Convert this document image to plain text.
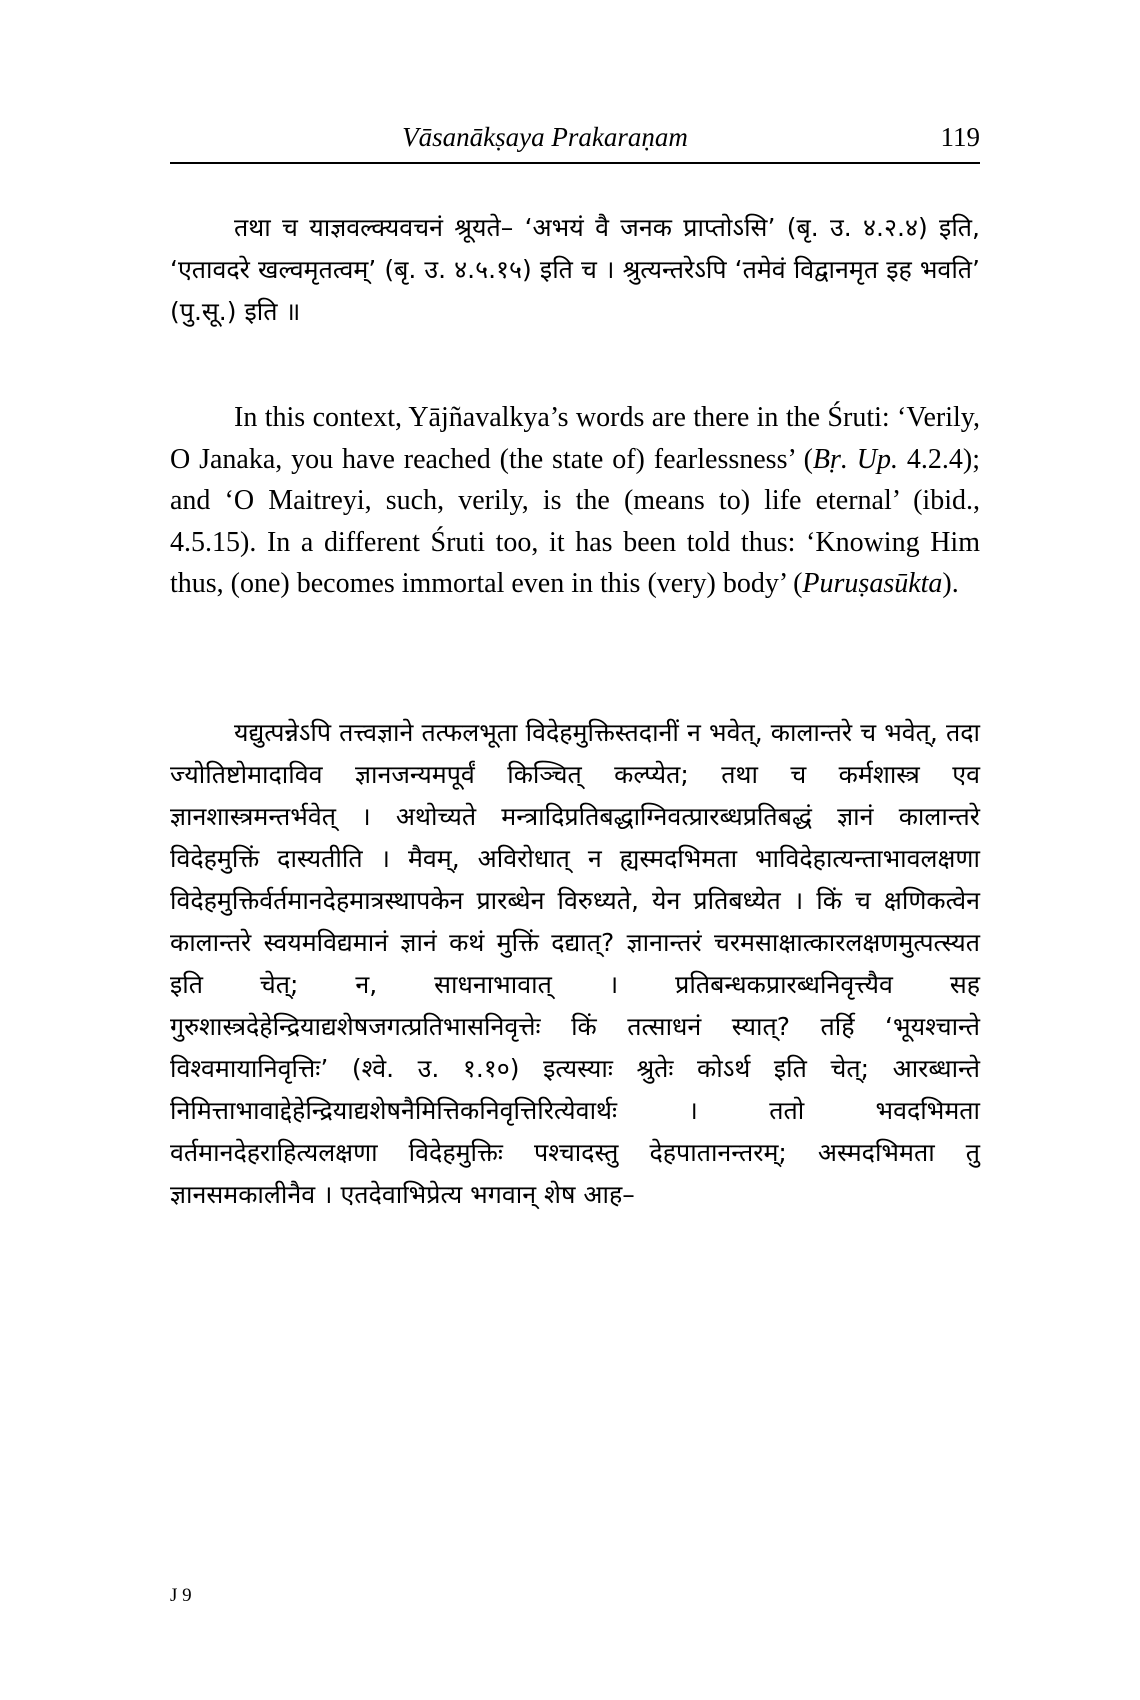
Vāsanākṣaya Prakaraṇam	119

तथा च याज्ञवल्क्यवचनं श्रूयते– ‘अभयं वै जनक प्राप्तोऽसि’ (बृ. उ. ४.२.४) इति, ‘एतावदरे खल्वमृतत्वम्’ (बृ. उ. ४.५.१५) इति च । श्रुत्यन्तरेऽपि ‘तमेवं विद्वानमृत इह भवति’ (पु.सू.) इति ॥

In this context, Yājñavalkya’s words are there in the Śruti: ‘Verily, O Janaka, you have reached (the state of) fearlessness’ (Bṛ. Up. 4.2.4); and ‘O Maitreyi, such, verily, is the (means to) life eternal’ (ibid., 4.5.15). In a different Śruti too, it has been told thus: ‘Knowing Him thus, (one) becomes immortal even in this (very) body’ (Puruṣasūkta).

यद्युत्पन्नेऽपि तत्त्वज्ञाने तत्फलभूता विदेहमुक्तिस्तदानीं न भवेत्, कालान्तरे च भवेत्, तदा ज्योतिष्टोमादाविव ज्ञानजन्यमपूर्वं किञ्चित् कल्प्येत; तथा च कर्मशास्त्र एव ज्ञानशास्त्रमन्तर्भवेत् । अथोच्यते मन्त्रादिप्रतिबद्धाग्निवत्प्रारब्धप्रतिबद्धं ज्ञानं कालान्तरे विदेहमुक्तिं दास्यतीति । मैवम्, अविरोधात् न ह्यस्मदभिमता भाविदेहात्यन्ताभावलक्षणा विदेहमुक्तिर्वर्तमानदेहमात्रस्थापकेन प्रारब्धेन विरुध्यते, येन प्रतिबध्येत । किं च क्षणिकत्वेन कालान्तरे स्वयमविद्यमानं ज्ञानं कथं मुक्तिं दद्यात्? ज्ञानान्तरं चरमसाक्षात्कारलक्षणमुत्पत्स्यत इति चेत्; न, साधनाभावात् । प्रतिबन्धकप्रारब्धनिवृत्त्यैव सह गुरुशास्त्रदेहेन्द्रियाद्यशेषजगत्प्रतिभासनिवृत्तेः किं तत्साधनं स्यात्? तर्हि ‘भूयश्चान्ते विश्वमायानिवृत्तिः’ (श्वे. उ. १.१०) इत्यस्याः श्रुतेः कोऽर्थ इति चेत्; आरब्धान्ते निमित्ताभावाद्देहेन्द्रियाद्यशेषनैमित्तिकनिवृत्तिरित्येवार्थः । ततो भवदभिमता वर्तमानदेहराहित्यलक्षणा विदेहमुक्तिः पश्चादस्तु देहपातानन्तरम्; अस्मदभिमता तु ज्ञानसमकालीनैव । एतदेवाभिप्रेत्य भगवान् शेष आह–

J 9
